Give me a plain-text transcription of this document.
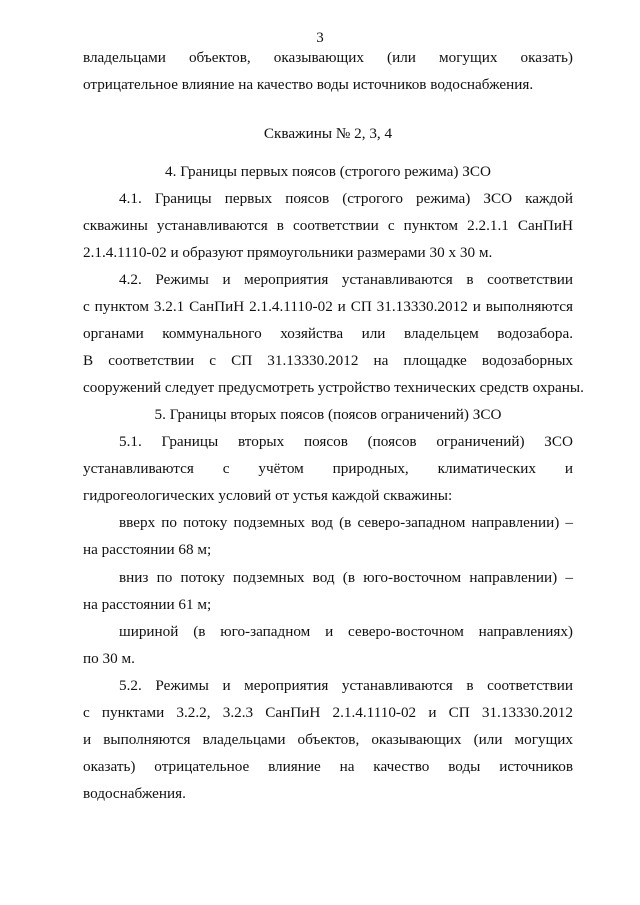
3
владельцами объектов, оказывающих (или могущих оказать)
отрицательное влияние на качество воды источников водоснабжения.
Скважины № 2, 3, 4
4. Границы первых поясов (строгого режима) ЗСО
4.1. Границы первых поясов (строгого режима) ЗСО каждой
скважины устанавливаются в соответствии с пунктом 2.2.1.1 СанПиН
2.1.4.1110-02 и образуют прямоугольники размерами 30 х 30 м.
4.2. Режимы и мероприятия устанавливаются в соответствии
с пунктом 3.2.1 СанПиН 2.1.4.1110-02 и СП 31.13330.2012 и выполняются
органами коммунального хозяйства или владельцем водозабора.
В соответствии с СП 31.13330.2012 на площадке водозаборных
сооружений следует предусмотреть устройство технических средств охраны.
5. Границы вторых поясов (поясов ограничений) ЗСО
5.1. Границы вторых поясов (поясов ограничений) ЗСО
устанавливаются с учётом природных, климатических и
гидрогеологических условий от устья каждой скважины:
вверх по потоку подземных вод (в северо-западном направлении) –
на расстоянии 68 м;
вниз по потоку подземных вод (в юго-восточном направлении) –
на расстоянии 61 м;
шириной (в юго-западном и северо-восточном направлениях)
по 30 м.
5.2. Режимы и мероприятия устанавливаются в соответствии
с пунктами 3.2.2, 3.2.3 СанПиН 2.1.4.1110-02 и СП 31.13330.2012
и выполняются владельцами объектов, оказывающих (или могущих
оказать) отрицательное влияние на качество воды источников
водоснабжения.
